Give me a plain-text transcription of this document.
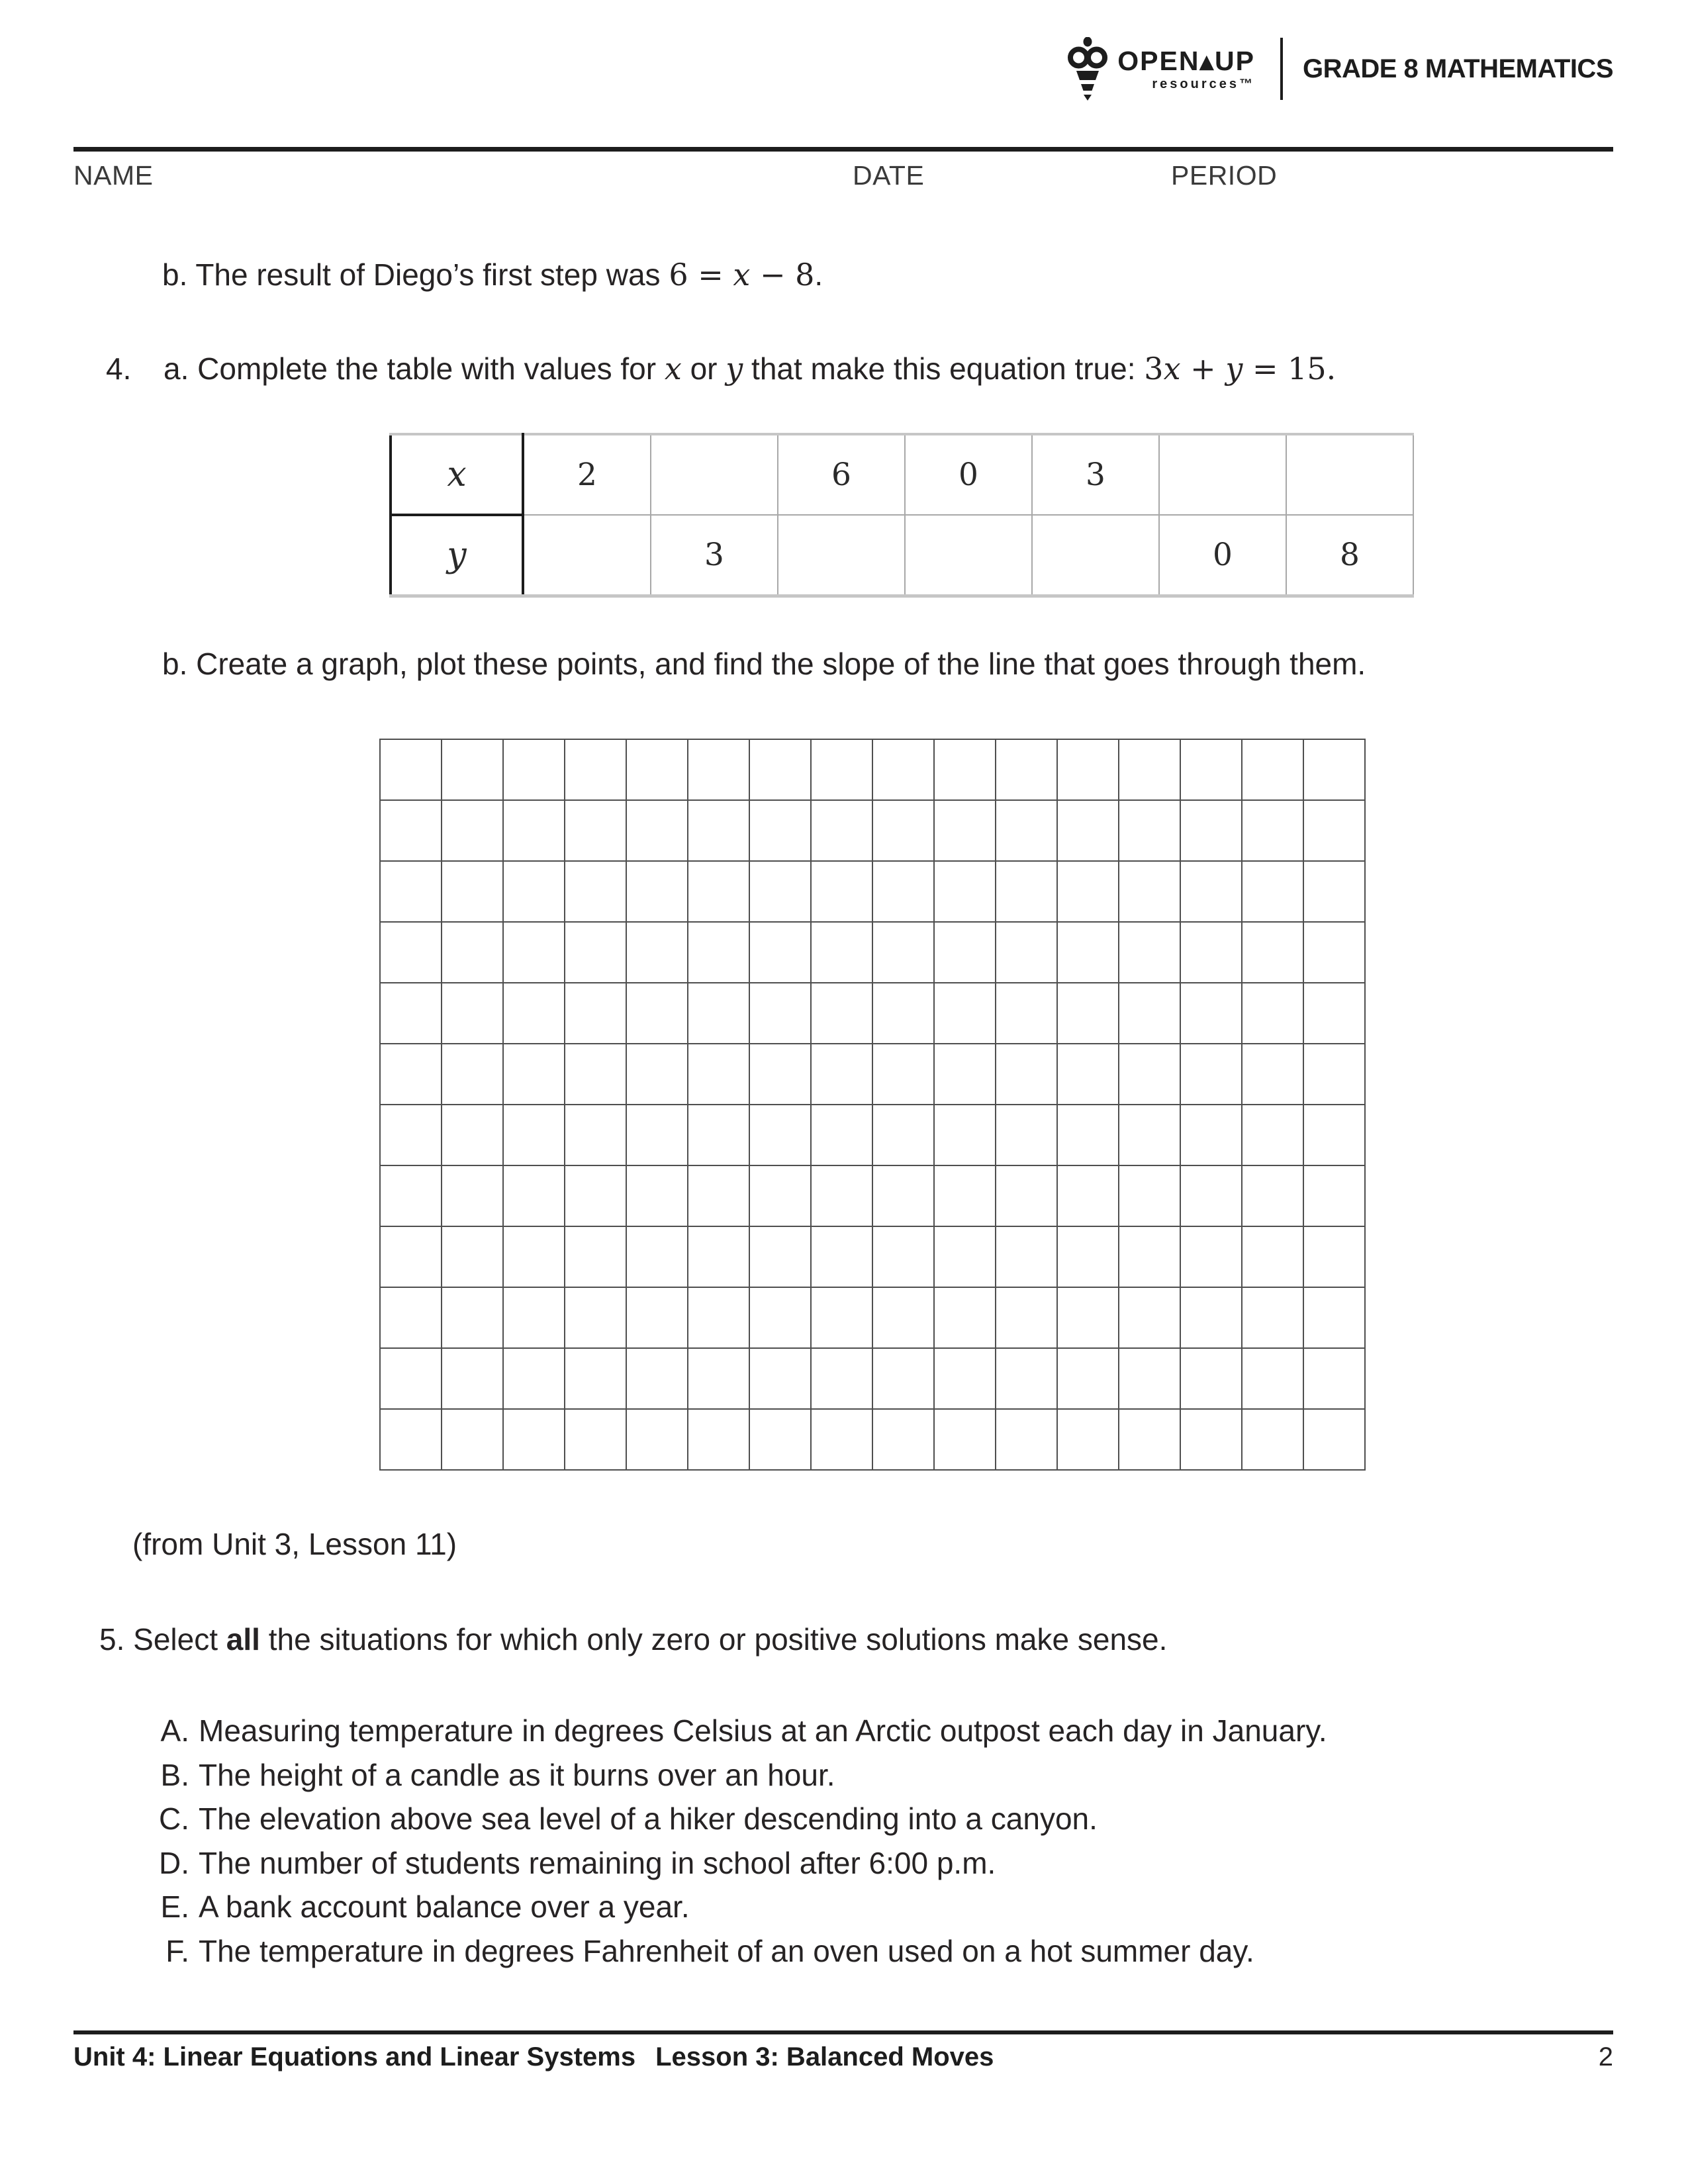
OPEN▴UP
resources™
GRADE 8 MATHEMATICS
NAME	DATE	PERIOD
b. The result of Diego’s first step was 6 = x − 8.
4. a. Complete the table with values for x or y that make this equation true: 3x + y = 15.
x	2		6	0	3		
y		3				0	8
b. Create a graph, plot these points, and find the slope of the line that goes through them.
(from Unit 3, Lesson 11)
5. Select all the situations for which only zero or positive solutions make sense.
A. Measuring temperature in degrees Celsius at an Arctic outpost each day in January.
B. The height of a candle as it burns over an hour.
C. The elevation above sea level of a hiker descending into a canyon.
D. The number of students remaining in school after 6:00 p.m.
E. A bank account balance over a year.
F. The temperature in degrees Fahrenheit of an oven used on a hot summer day.
Unit 4: Linear Equations and Linear Systems Lesson 3: Balanced Moves	2
